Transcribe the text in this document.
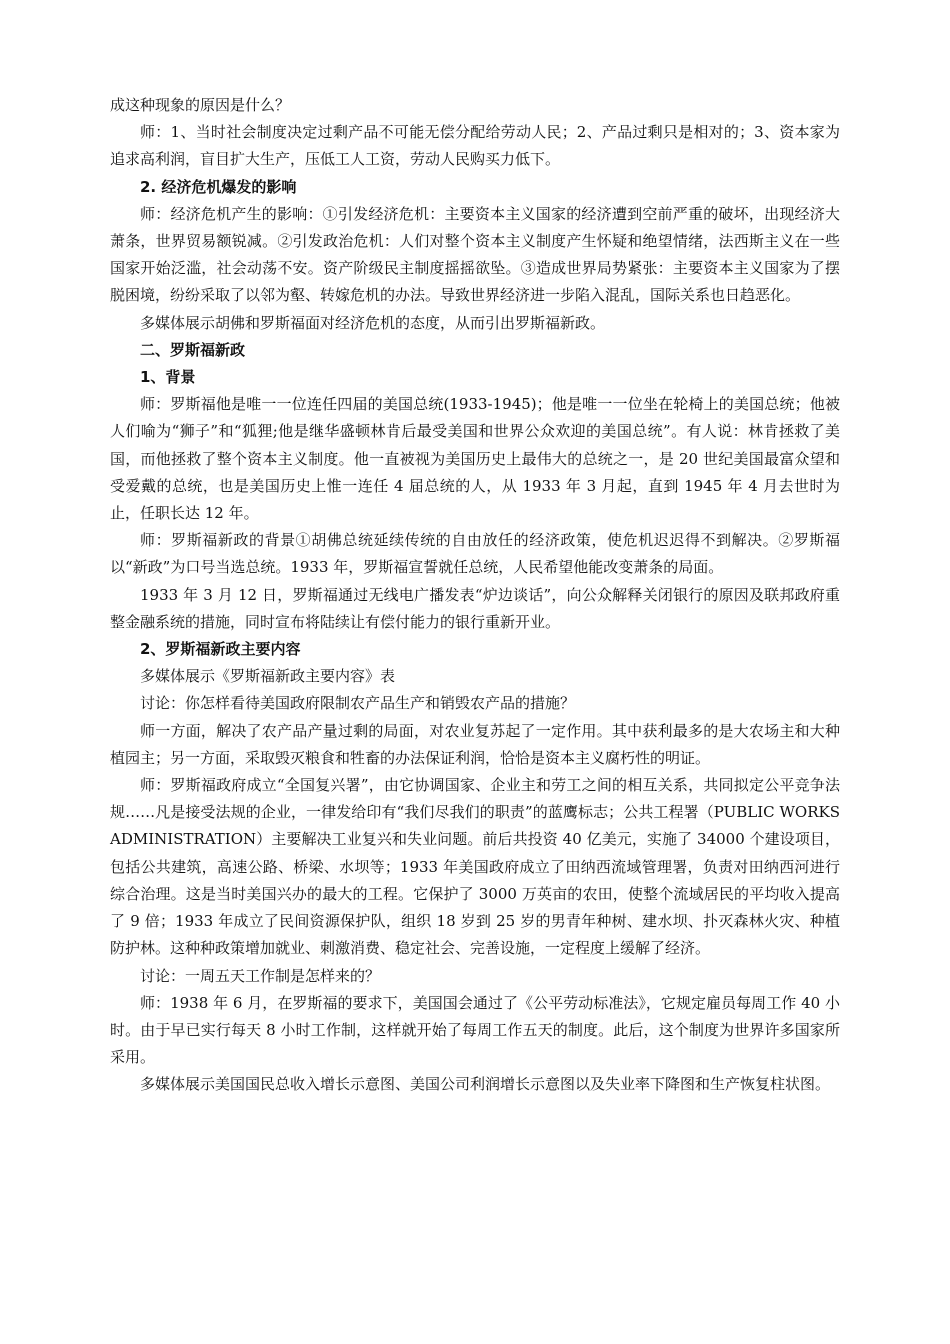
成这种现象的原因是什么？

师：1、当时社会制度决定过剩产品不可能无偿分配给劳动人民；2、产品过剩只是相对的；3、资本家为追求高利润，盲目扩大生产，压低工人工资，劳动人民购买力低下。

2. 经济危机爆发的影响

师：经济危机产生的影响：①引发经济危机：主要资本主义国家的经济遭到空前严重的破坏，出现经济大萧条，世界贸易额锐减。②引发政治危机：人们对整个资本主义制度产生怀疑和绝望情绪，法西斯主义在一些国家开始泛滥，社会动荡不安。资产阶级民主制度摇摇欲坠。③造成世界局势紧张：主要资本主义国家为了摆脱困境，纷纷采取了以邻为壑、转嫁危机的办法。导致世界经济进一步陷入混乱，国际关系也日趋恶化。

多媒体展示胡佛和罗斯福面对经济危机的态度，从而引出罗斯福新政。

二、罗斯福新政

1、背景

师：罗斯福他是唯一一位连任四届的美国总统(1933-1945)；他是唯一一位坐在轮椅上的美国总统；他被人们喻为“狮子”和“狐狸;他是继华盛顿林肯后最受美国和世界公众欢迎的美国总统”。有人说：林肯拯救了美国，而他拯救了整个资本主义制度。他一直被视为美国历史上最伟大的总统之一，是 20 世纪美国最富众望和受爱戴的总统，也是美国历史上惟一连任 4 届总统的人，从 1933 年 3 月起，直到 1945 年 4 月去世时为止，任职长达 12 年。

师：罗斯福新政的背景①胡佛总统延续传统的自由放任的经济政策，使危机迟迟得不到解决。②罗斯福以“新政”为口号当选总统。1933 年，罗斯福宣誓就任总统，人民希望他能改变萧条的局面。

1933 年 3 月 12 日，罗斯福通过无线电广播发表“炉边谈话”，向公众解释关闭银行的原因及联邦政府重整金融系统的措施，同时宣布将陆续让有偿付能力的银行重新开业。

2、罗斯福新政主要内容

多媒体展示《罗斯福新政主要内容》表

讨论：你怎样看待美国政府限制农产品生产和销毁农产品的措施？

师一方面，解决了农产品产量过剩的局面，对农业复苏起了一定作用。其中获利最多的是大农场主和大种植园主；另一方面，采取毁灭粮食和牲畜的办法保证利润，恰恰是资本主义腐朽性的明证。

师：罗斯福政府成立“全国复兴署”，由它协调国家、企业主和劳工之间的相互关系，共同拟定公平竞争法规……凡是接受法规的企业，一律发给印有“我们尽我们的职责”的蓝鹰标志；公共工程署（PUBLIC WORKS ADMINISTRATION）主要解决工业复兴和失业问题。前后共投资 40 亿美元，实施了 34000 个建设项目，包括公共建筑，高速公路、桥梁、水坝等；1933 年美国政府成立了田纳西流域管理署，负责对田纳西河进行综合治理。这是当时美国兴办的最大的工程。它保护了 3000 万英亩的农田，使整个流域居民的平均收入提高了 9 倍；1933 年成立了民间资源保护队，组织 18 岁到 25 岁的男青年种树、建水坝、扑灭森林火灾、种植防护林。这种种政策增加就业、刺激消费、稳定社会、完善设施，一定程度上缓解了经济。

讨论：一周五天工作制是怎样来的？

师：1938 年 6 月，在罗斯福的要求下，美国国会通过了《公平劳动标准法》，它规定雇员每周工作 40 小时。由于早已实行每天 8 小时工作制，这样就开始了每周工作五天的制度。此后，这个制度为世界许多国家所采用。

多媒体展示美国国民总收入增长示意图、美国公司利润增长示意图以及失业率下降图和生产恢复柱状图。
